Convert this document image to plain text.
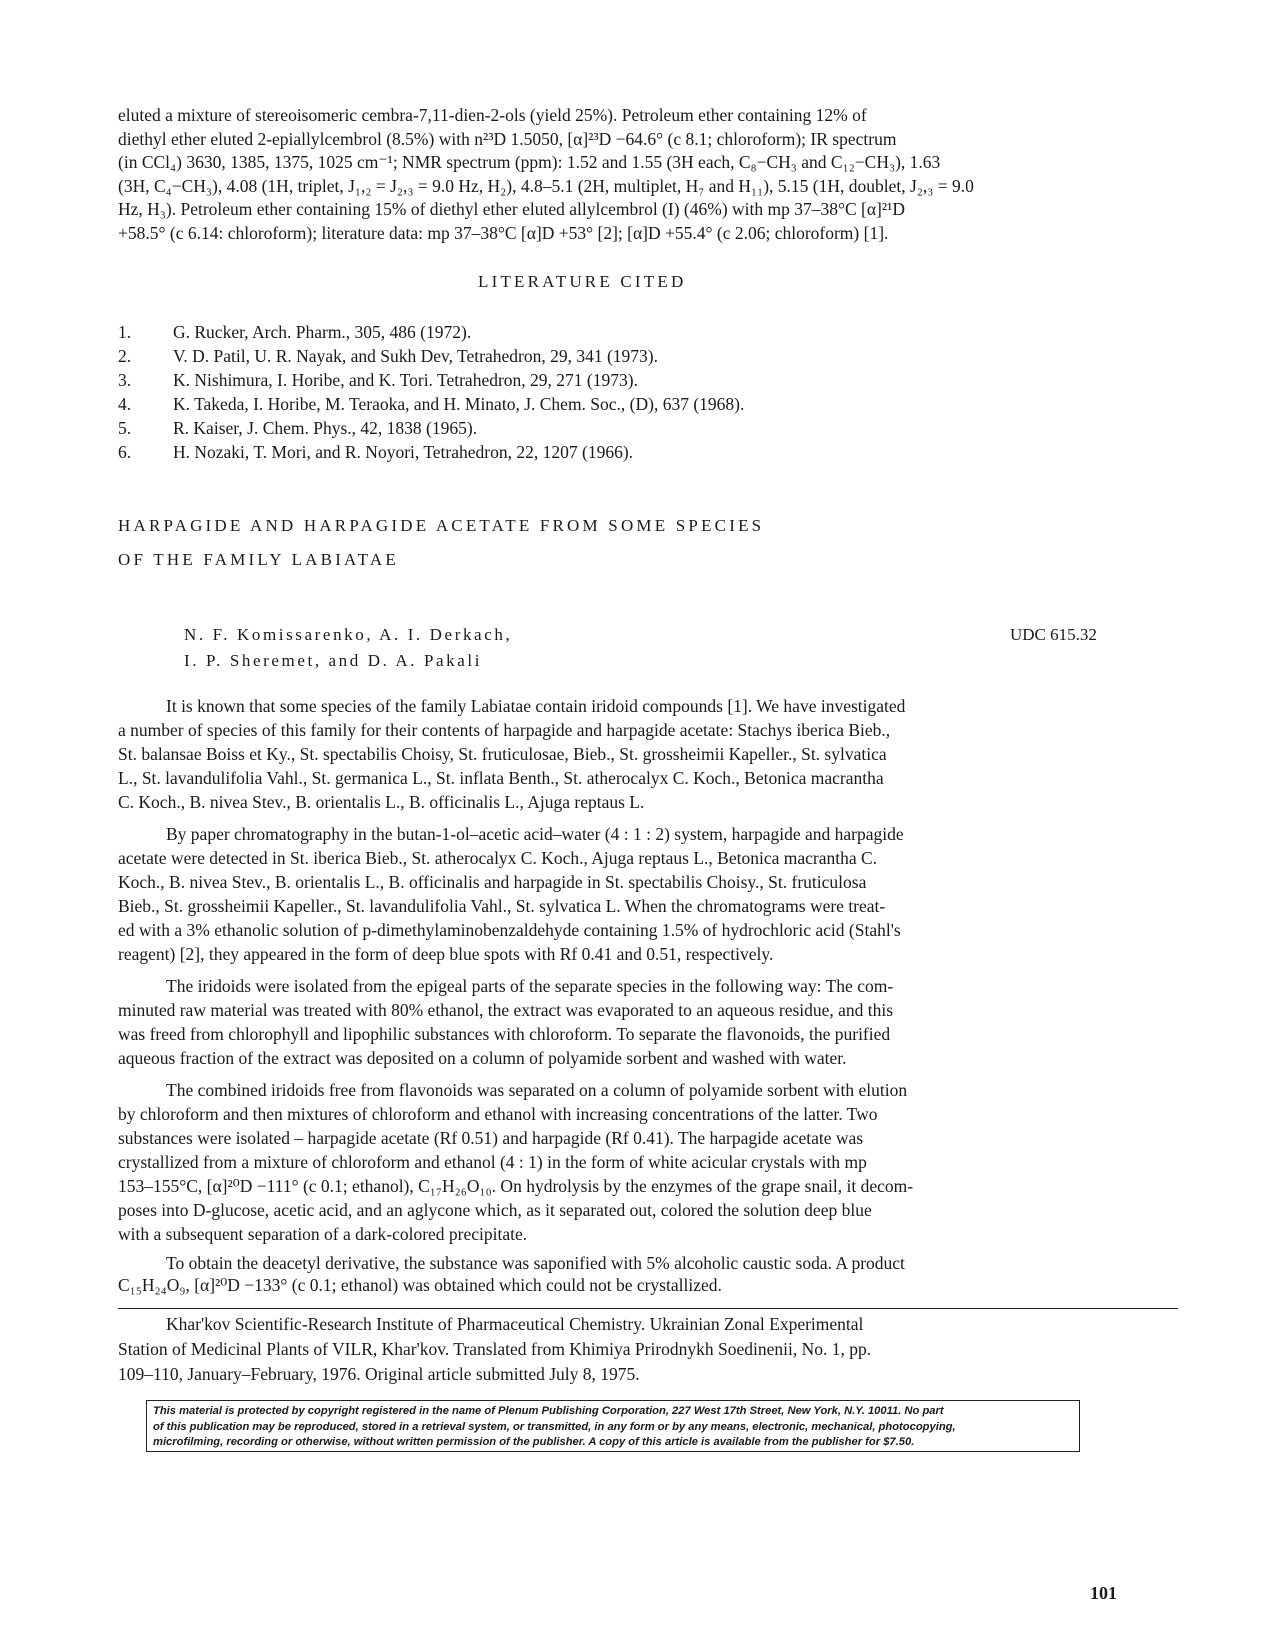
eluted a mixture of stereoisomeric cembra-7,11-dien-2-ols (yield 25%). Petroleum ether containing 12% of
diethyl ether eluted 2-epiallylcembrol (8.5%) with n²³D 1.5050, [α]²³D −64.6° (c 8.1; chloroform); IR spectrum
(in CCl₄) 3630, 1385, 1375, 1025 cm⁻¹; NMR spectrum (ppm): 1.52 and 1.55 (3H each, C₈−CH₃ and C₁₂−CH₃), 1.63
(3H, C₄−CH₃), 4.08 (1H, triplet, J₁,₂ = J₂,₃ = 9.0 Hz, H₂), 4.8–5.1 (2H, multiplet, H₇ and H₁₁), 5.15 (1H, doublet, J₂,₃ = 9.0
Hz, H₃). Petroleum ether containing 15% of diethyl ether eluted allylcembrol (I) (46%) with mp 37–38°C [α]²¹D
+58.5° (c 6.14: chloroform); literature data: mp 37–38°C [α]D +53° [2]; [α]D +55.4° (c 2.06; chloroform) [1].
LITERATURE CITED
1.	G. Rucker, Arch. Pharm., 305, 486 (1972).
2.	V. D. Patil, U. R. Nayak, and Sukh Dev, Tetrahedron, 29, 341 (1973).
3.	K. Nishimura, I. Horibe, and K. Tori. Tetrahedron, 29, 271 (1973).
4.	K. Takeda, I. Horibe, M. Teraoka, and H. Minato, J. Chem. Soc., (D), 637 (1968).
5.	R. Kaiser, J. Chem. Phys., 42, 1838 (1965).
6.	H. Nozaki, T. Mori, and R. Noyori, Tetrahedron, 22, 1207 (1966).
HARPAGIDE AND HARPAGIDE ACETATE FROM SOME SPECIES
OF THE FAMILY LABIATAE
N. F. Komissarenko, A. I. Derkach,
I. P. Sheremet, and D. A. Pakali
UDC 615.32
It is known that some species of the family Labiatae contain iridoid compounds [1]. We have investigated
a number of species of this family for their contents of harpagide and harpagide acetate: Stachys iberica Bieb.,
St. balansae Boiss et Ky., St. spectabilis Choisy, St. fruticulosae, Bieb., St. grossheimii Kapeller., St. sylvatica
L., St. lavandulifolia Vahl., St. germanica L., St. inflata Benth., St. atherocalyx C. Koch., Betonica macrantha
C. Koch., B. nivea Stev., B. orientalis L., B. officinalis L., Ajuga reptaus L.
By paper chromatography in the butan-1-ol–acetic acid–water (4 : 1 : 2) system, harpagide and harpagide
acetate were detected in St. iberica Bieb., St. atherocalyx C. Koch., Ajuga reptaus L., Betonica macrantha C.
Koch., B. nivea Stev., B. orientalis L., B. officinalis and harpagide in St. spectabilis Choisy., St. fruticulosa
Bieb., St. grossheimii Kapeller., St. lavandulifolia Vahl., St. sylvatica L. When the chromatograms were treat-
ed with a 3% ethanolic solution of p-dimethylaminobenzaldehyde containing 1.5% of hydrochloric acid (Stahl's
reagent) [2], they appeared in the form of deep blue spots with Rf 0.41 and 0.51, respectively.
The iridoids were isolated from the epigeal parts of the separate species in the following way: The com-
minuted raw material was treated with 80% ethanol, the extract was evaporated to an aqueous residue, and this
was freed from chlorophyll and lipophilic substances with chloroform. To separate the flavonoids, the purified
aqueous fraction of the extract was deposited on a column of polyamide sorbent and washed with water.
The combined iridoids free from flavonoids was separated on a column of polyamide sorbent with elution
by chloroform and then mixtures of chloroform and ethanol with increasing concentrations of the latter. Two
substances were isolated – harpagide acetate (Rf 0.51) and harpagide (Rf 0.41). The harpagide acetate was
crystallized from a mixture of chloroform and ethanol (4 : 1) in the form of white acicular crystals with mp
153–155°C, [α]²⁰D −111° (c 0.1; ethanol), C₁₇H₂₆O₁₀. On hydrolysis by the enzymes of the grape snail, it decom-
poses into D-glucose, acetic acid, and an aglycone which, as it separated out, colored the solution deep blue
with a subsequent separation of a dark-colored precipitate.
To obtain the deacetyl derivative, the substance was saponified with 5% alcoholic caustic soda. A product
C₁₅H₂₄O₉, [α]²⁰D −133° (c 0.1; ethanol) was obtained which could not be crystallized.
Khar'kov Scientific-Research Institute of Pharmaceutical Chemistry. Ukrainian Zonal Experimental
Station of Medicinal Plants of VILR, Khar'kov. Translated from Khimiya Prirodnykh Soedinenii, No. 1, pp.
109–110, January–February, 1976. Original article submitted July 8, 1975.
This material is protected by copyright registered in the name of Plenum Publishing Corporation, 227 West 17th Street, New York, N.Y. 10011. No part
of this publication may be reproduced, stored in a retrieval system, or transmitted, in any form or by any means, electronic, mechanical, photocopying,
microfilming, recording or otherwise, without written permission of the publisher. A copy of this article is available from the publisher for $7.50.
101
